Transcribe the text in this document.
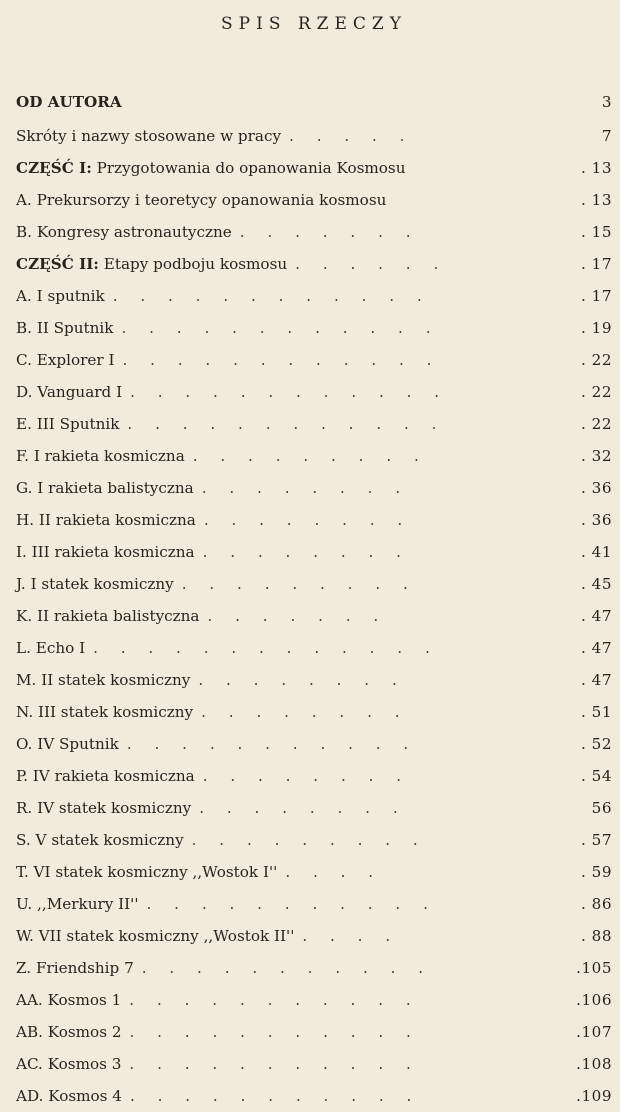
SPIS RZECZY
OD AUTORA	3
Skróty i nazwy stosowane w pracy . . . . .	7
CZĘŚĆ I: Przygotowania do opanowania Kosmosu	. 13
A. Prekursorzy i teoretycy opanowania kosmosu	. 13
B. Kongresy astronautyczne . . . . . . .	. 15
CZĘŚĆ II: Etapy podboju kosmosu . . . . . .	. 17
A. I sputnik . . . . . . . . . . . .	. 17
B. II Sputnik . . . . . . . . . . . .	. 19
C. Explorer I . . . . . . . . . . . .	. 22
D. Vanguard I . . . . . . . . . . . .	. 22
E. III Sputnik . . . . . . . . . . . .	. 22
F. I rakieta kosmiczna . . . . . . . . .	. 32
G. I rakieta balistyczna . . . . . . . .	. 36
H. II rakieta kosmiczna . . . . . . . .	. 36
I. III rakieta kosmiczna . . . . . . . .	. 41
J. I statek kosmiczny . . . . . . . . .	. 45
K. II rakieta balistyczna . . . . . . .	. 47
L. Echo I . . . . . . . . . . . . .	. 47
M. II statek kosmiczny . . . . . . . .	. 47
N. III statek kosmiczny . . . . . . . .	. 51
O. IV Sputnik . . . . . . . . . . .	. 52
P. IV rakieta kosmiczna . . . . . . . .	. 54
R. IV statek kosmiczny . . . . . . . .	56
S. V statek kosmiczny . . . . . . . . .	. 57
T. VI statek kosmiczny ,,Wostok I'' . . . .	. 59
U. ,,Merkury II'' . . . . . . . . . . .	. 86
W. VII statek kosmiczny ,,Wostok II'' . . . .	. 88
Z. Friendship 7 . . . . . . . . . . .	.105
AA. Kosmos 1 . . . . . . . . . . .	.106
AB. Kosmos 2 . . . . . . . . . . .	.107
AC. Kosmos 3 . . . . . . . . . . .	.108
AD. Kosmos 4 . . . . . . . . . . .	.109
